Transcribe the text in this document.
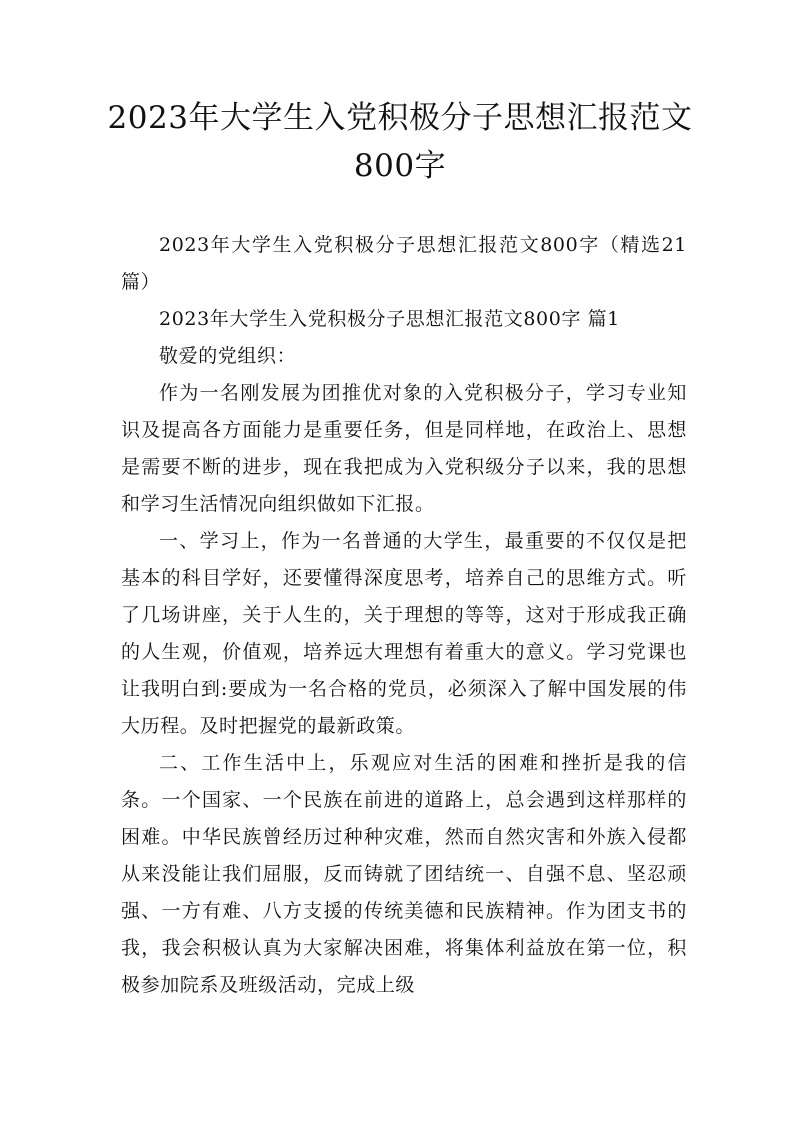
2023年大学生入党积极分子思想汇报范文800字

2023年大学生入党积极分子思想汇报范文800字（精选21篇）

2023年大学生入党积极分子思想汇报范文800字 篇1

敬爱的党组织：

作为一名刚发展为团推优对象的入党积极分子，学习专业知识及提高各方面能力是重要任务，但是同样地，在政治上、思想是需要不断的进步，现在我把成为入党积级分子以来，我的思想和学习生活情况向组织做如下汇报。

一、学习上，作为一名普通的大学生，最重要的不仅仅是把基本的科目学好，还要懂得深度思考，培养自己的思维方式。听了几场讲座，关于人生的，关于理想的等等，这对于形成我正确的人生观，价值观，培养远大理想有着重大的意义。学习党课也让我明白到:要成为一名合格的党员，必须深入了解中国发展的伟大历程。及时把握党的最新政策。

二、工作生活中上，乐观应对生活的困难和挫折是我的信条。一个国家、一个民族在前进的道路上，总会遇到这样那样的困难。中华民族曾经历过种种灾难，然而自然灾害和外族入侵都从来没能让我们屈服，反而铸就了团结统一、自强不息、坚忍顽强、一方有难、八方支援的传统美德和民族精神。作为团支书的我，我会积极认真为大家解决困难，将集体利益放在第一位，积极参加院系及班级活动，完成上级
